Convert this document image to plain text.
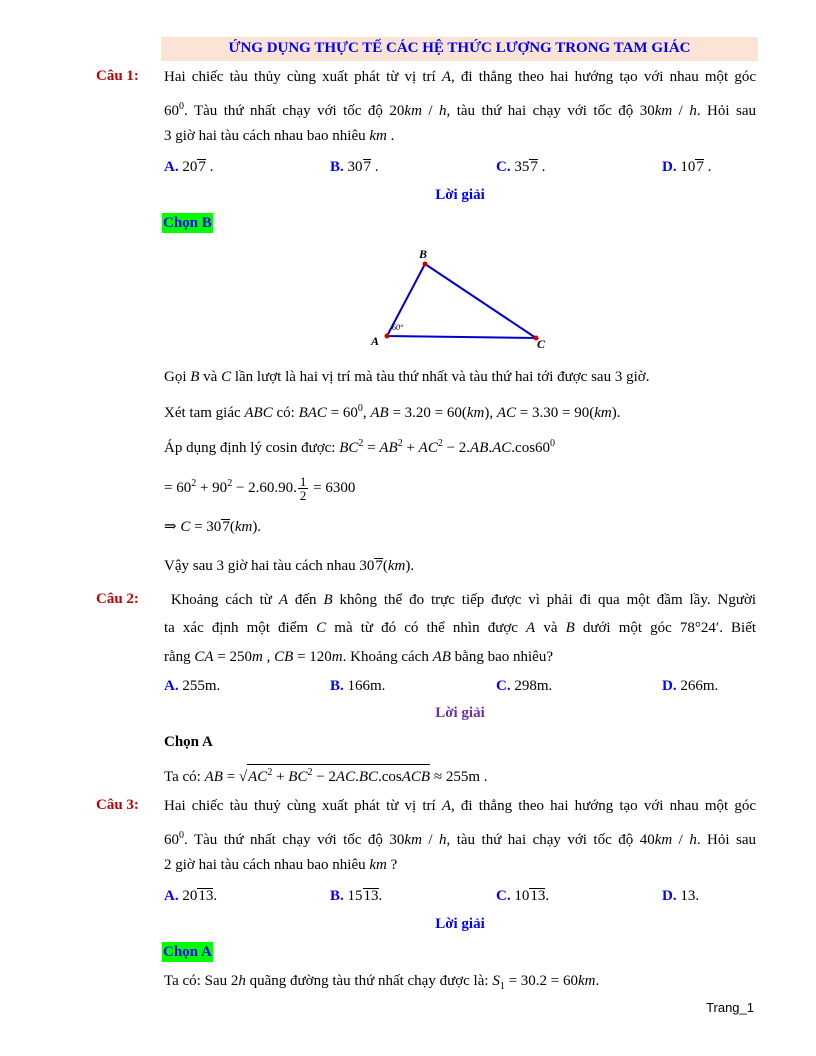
ỨNG DỤNG THỰC TẾ CÁC HỆ THỨC LƯỢNG TRONG TAM GIÁC
Câu 1: Hai chiếc tàu thủy cùng xuất phát từ vị trí A, đi thẳng theo hai hướng tạo với nhau một góc
$60^0$. Tàu thứ nhất chạy với tốc độ 20km / h, tàu thứ hai chạy với tốc độ 30km / h. Hỏi sau
3 giờ hai tàu cách nhau bao nhiêu km .
A. 207 .	B. 307 .	C. 357 .	D. 107 .
Lời giải
Chọn B
B
A	C
60°
Gọi B và C lần lượt là hai vị trí mà tàu thứ nhất và tàu thứ hai tới được sau 3 giờ.
Xét tam giác ABC có: BAC = $60^0$, AB = 3.20 = 60(km), AC = 3.30 = 90(km).
Áp dụng định lý cosin được: $BC^2 = AB^2 + AC^2 - 2.AB.AC.\cos 60^0$
= $60^2 + 90^2 - 2.60.90$. $\frac{1}{2} = 6300$
⇒ C = 307(km).
Vậy sau 3 giờ hai tàu cách nhau 307(km).
Câu 2:	Khoảng cách từ A đến B không thể đo trực tiếp được vì phải đi qua một đầm lầy. Người
ta xác định một điểm C mà từ đó có thể nhìn được A và B dưới một góc 78°24′. Biết
rằng CA = 250m , CB = 120m. Khoảng cách AB bằng bao nhiêu?
A. 255m.	B. 166m.	C. 298m.	D. 266m.
Lời giải
Chọn A
Ta có: AB = $√AC^2 + BC^2$ − 2AC.BC.cosACB ≈ 255m .
Câu 3: Hai chiếc tàu thuỷ cùng xuất phát từ vị trí A, đi thẳng theo hai hướng tạo với nhau một góc
$60^0$. Tàu thứ nhất chạy với tốc độ 30km / h, tàu thứ hai chạy với tốc độ 40km / h. Hỏi sau
2 giờ hai tàu cách nhau bao nhiêu km ?
A. 2013.	B. 1513.	C. 1013.	D. 13.
Lời giải
Chọn A
Ta có: Sau 2h quãng đường tàu thứ nhất chạy được là: $S_1 = 30.2 = 60km$.
Trang_1
